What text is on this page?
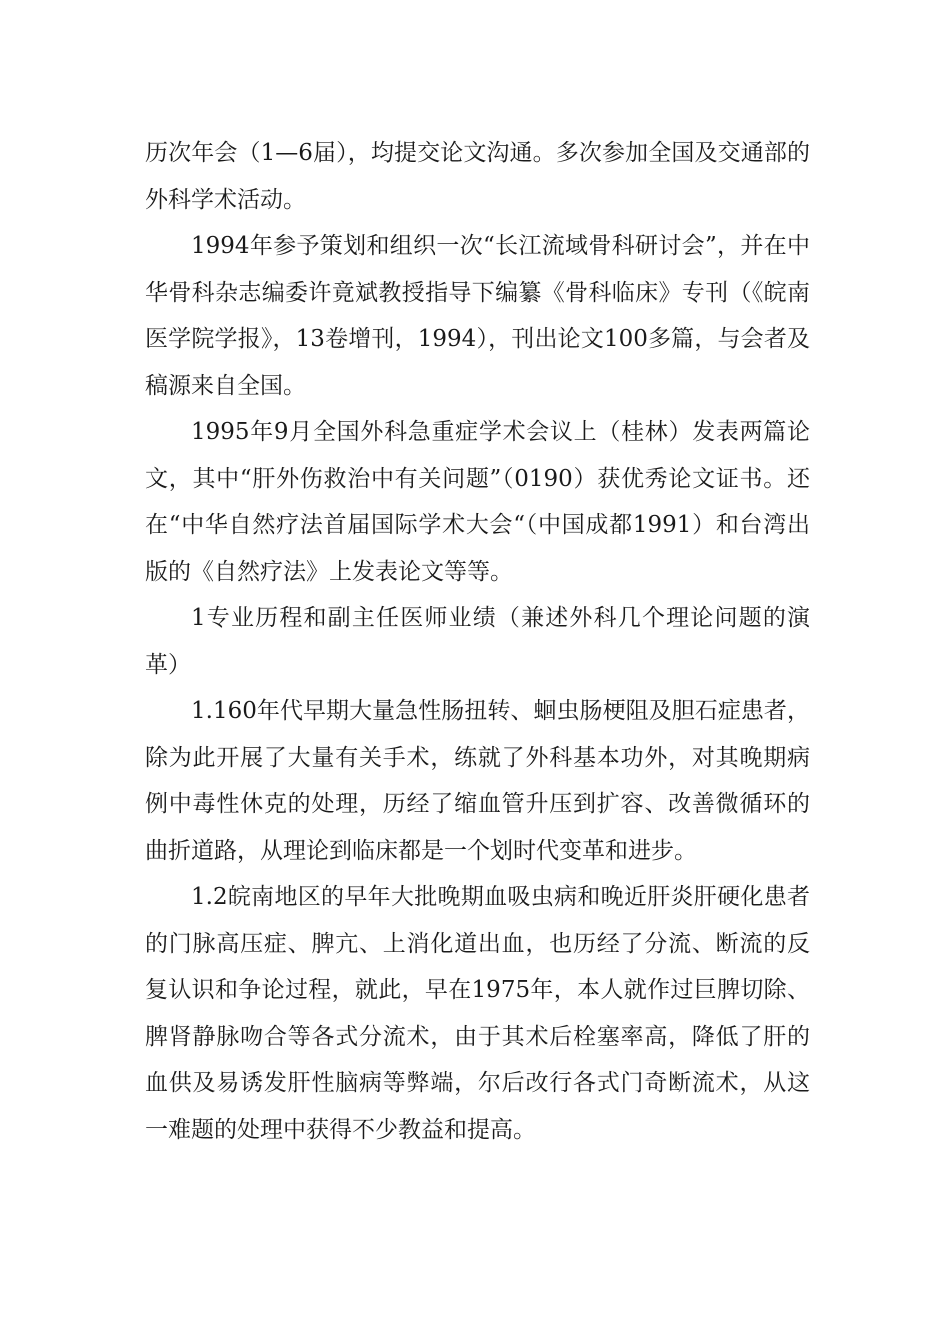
历次年会（1—6届），均提交论文沟通。多次参加全国及交通部的外科学术活动。

1994年参予策划和组织一次“长江流域骨科研讨会”，并在中华骨科杂志编委许竟斌教授指导下编纂《骨科临床》专刊（《皖南医学院学报》，13卷增刊，1994），刊出论文100多篇，与会者及稿源来自全国。

1995年9月全国外科急重症学术会议上（桂林）发表两篇论文，其中“肝外伤救治中有关问题”（0190）获优秀论文证书。还在“中华自然疗法首届国际学术大会“（中国成都1991）和台湾出版的《自然疗法》上发表论文等等。

1专业历程和副主任医师业绩（兼述外科几个理论问题的演革）

1.160年代早期大量急性肠扭转、蛔虫肠梗阻及胆石症患者，除为此开展了大量有关手术，练就了外科基本功外，对其晚期病例中毒性休克的处理，历经了缩血管升压到扩容、改善微循环的曲折道路，从理论到临床都是一个划时代变革和进步。

1.2皖南地区的早年大批晚期血吸虫病和晚近肝炎肝硬化患者的门脉高压症、脾亢、上消化道出血，也历经了分流、断流的反复认识和争论过程，就此，早在1975年，本人就作过巨脾切除、脾肾静脉吻合等各式分流术，由于其术后栓塞率高，降低了肝的血供及易诱发肝性脑病等弊端，尔后改行各式门奇断流术，从这一难题的处理中获得不少教益和提高。
